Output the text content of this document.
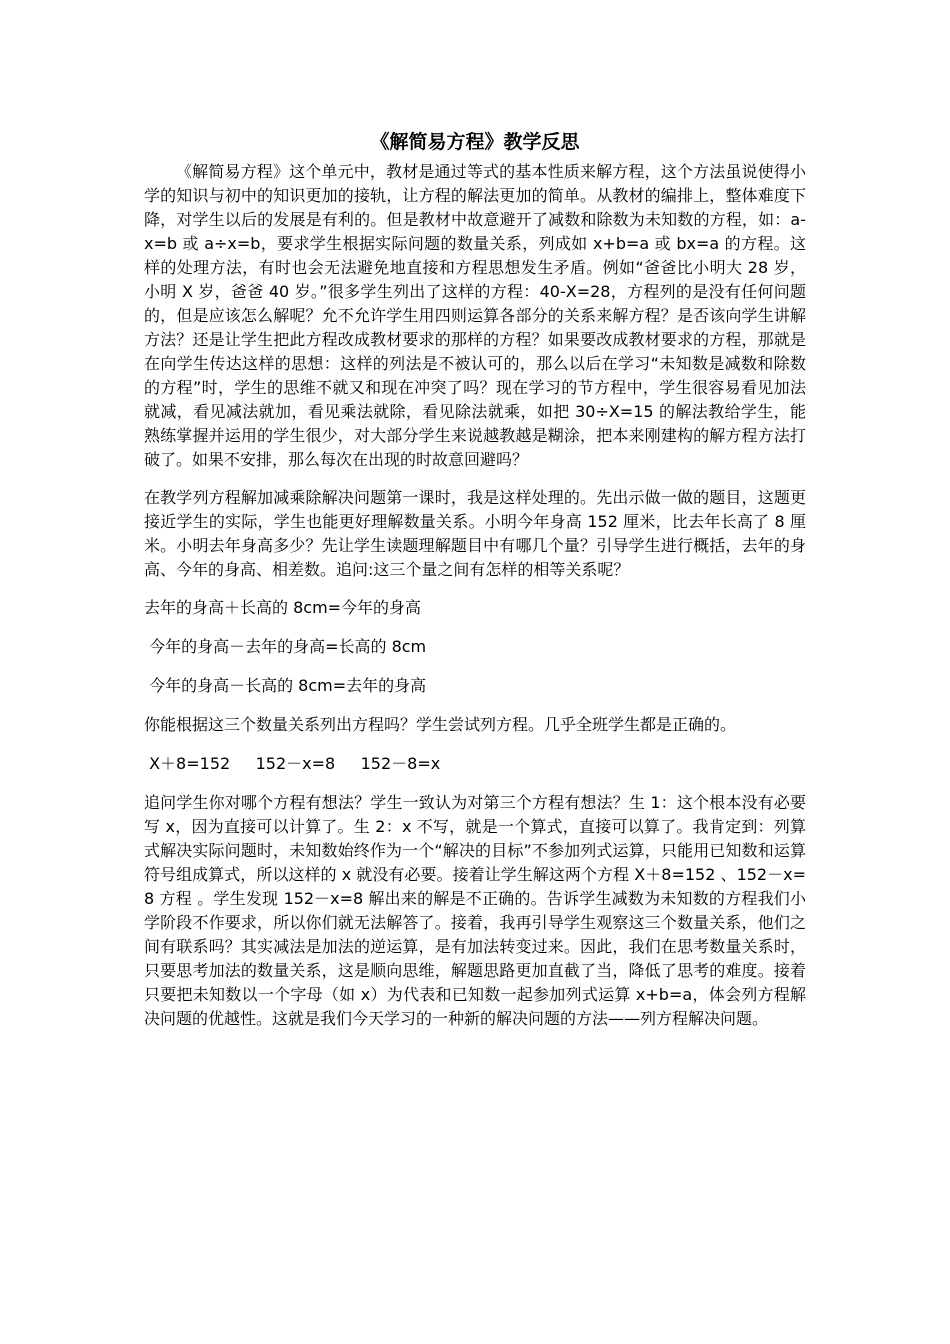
《解简易方程》教学反思

《解简易方程》这个单元中，教材是通过等式的基本性质来解方程，这个方法虽说使得小学的知识与初中的知识更加的接轨，让方程的解法更加的简单。从教材的编排上，整体难度下降，对学生以后的发展是有利的。但是教材中故意避开了减数和除数为未知数的方程，如：a-x=b 或 a÷x=b，要求学生根据实际问题的数量关系，列成如 x+b=a 或 bx=a 的方程。这样的处理方法，有时也会无法避免地直接和方程思想发生矛盾。例如“爸爸比小明大 28 岁，小明 X 岁，爸爸 40 岁。”很多学生列出了这样的方程：40-X=28，方程列的是没有任何问题的，但是应该怎么解呢？允不允许学生用四则运算各部分的关系来解方程？是否该向学生讲解方法？还是让学生把此方程改成教材要求的那样的方程？如果要改成教材要求的方程，那就是在向学生传达这样的思想：这样的列法是不被认可的，那么以后在学习“未知数是减数和除数的方程”时，学生的思维不就又和现在冲突了吗？现在学习的节方程中，学生很容易看见加法就减，看见减法就加，看见乘法就除，看见除法就乘，如把 30÷X=15 的解法教给学生，能熟练掌握并运用的学生很少，对大部分学生来说越教越是糊涂，把本来刚建构的解方程方法打破了。如果不安排，那么每次在出现的时故意回避吗？

在教学列方程解加减乘除解决问题第一课时，我是这样处理的。先出示做一做的题目，这题更接近学生的实际，学生也能更好理解数量关系。小明今年身高 152 厘米，比去年长高了 8 厘米。小明去年身高多少？先让学生读题理解题目中有哪几个量？引导学生进行概括，去年的身高、今年的身高、相差数。追问:这三个量之间有怎样的相等关系呢？

去年的身高＋长高的 8cm=今年的身高
今年的身高－去年的身高=长高的 8cm
今年的身高－长高的 8cm=去年的身高
你能根据这三个数量关系列出方程吗？学生尝试列方程。几乎全班学生都是正确的。
X＋8=152     152－x=8     152－8=x

追问学生你对哪个方程有想法？学生一致认为对第三个方程有想法？生 1：这个根本没有必要写 x，因为直接可以计算了。生 2：x 不写，就是一个算式，直接可以算了。我肯定到：列算式解决实际问题时，未知数始终作为一个“解决的目标”不参加列式运算，只能用已知数和运算符号组成算式，所以这样的 x 就没有必要。接着让学生解这两个方程 X＋8=152 、152－x=8 方程 。学生发现 152－x=8 解出来的解是不正确的。告诉学生减数为未知数的方程我们小学阶段不作要求，所以你们就无法解答了。接着，我再引导学生观察这三个数量关系，他们之间有联系吗？其实减法是加法的逆运算，是有加法转变过来。因此，我们在思考数量关系时，只要思考加法的数量关系，这是顺向思维，解题思路更加直截了当，降低了思考的难度。接着只要把未知数以一个字母（如 x）为代表和已知数一起参加列式运算 x+b=a，体会列方程解决问题的优越性。这就是我们今天学习的一种新的解决问题的方法——列方程解决问题。
